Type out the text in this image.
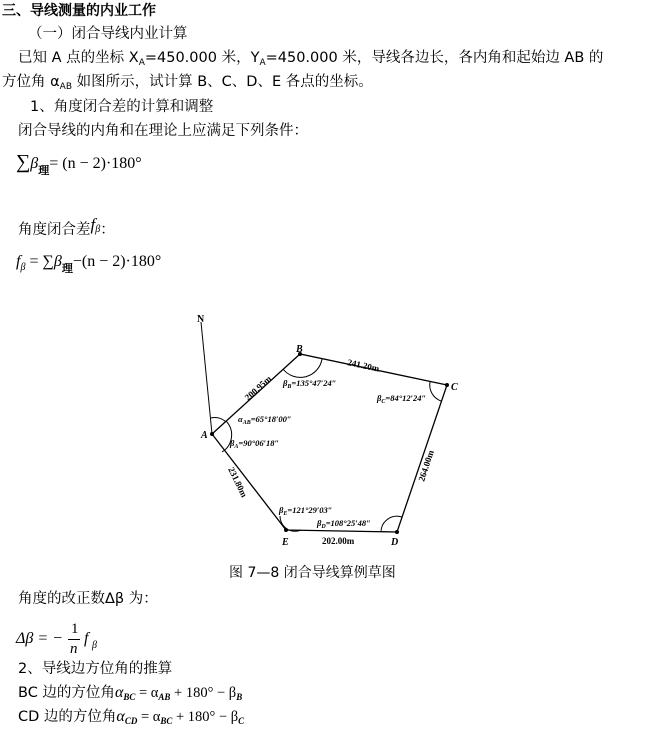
三、导线测量的内业工作
（一）闭合导线内业计算
已知 A 点的坐标 $X_A=450.000$ 米，$Y_A=450.000$ 米，导线各边长，各内角和起始边 AB 的
方位角 $\alpha_{AB}$ 如图所示，试计算 B、C、D、E 各点的坐标。
1、角度闭合差的计算和调整
闭合导线的内角和在理论上应满足下列条件：
$\sum\beta_理= (n - 2)\cdot 180^\circ$
角度闭合差fβ：
$f_\beta = \sum\beta_理-(n - 2)\cdot 180^\circ$
N
A
B
C
D
E
200.95m
241.20m
264.00m
202.00m
231.80m
$\alpha_{AB}=65^\circ 18'00''$
$\beta_A=90^\circ 06'18''$
$\beta_B=135^\circ 47'24''$
$\beta_C=84^\circ 12'24''$
$\beta_D=108^\circ 25'48''$
$\beta_E=121^\circ 29'03''$
图 7—8 闭合导线算例草图
角度的改正数Δβ 为：
Δβ = −
1
n
f β
2、导线边方位角的推算
BC 边的方位角$\alpha_{BC} = \alpha_{AB} + 180^\circ - \beta_B$
CD 边的方位角$\alpha_{CD} = \alpha_{BC} + 180^\circ - \beta_C$
